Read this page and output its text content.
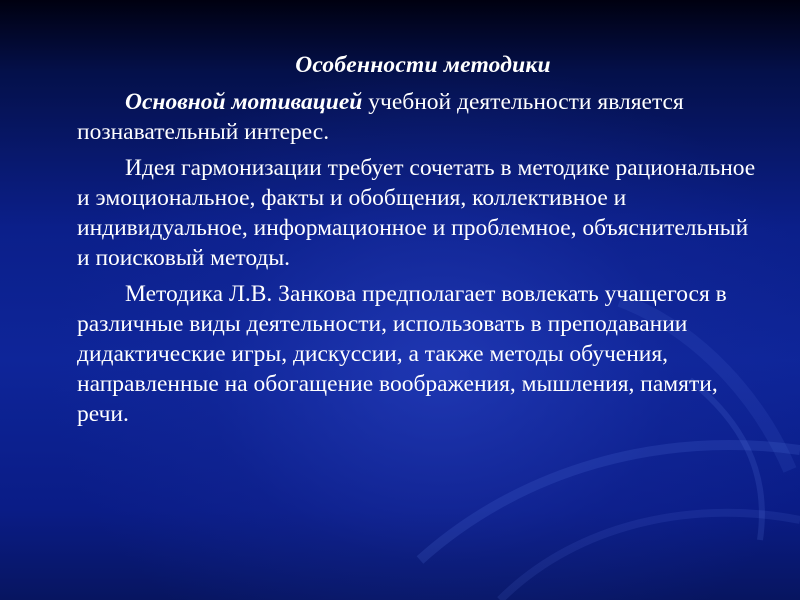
Особенности методики

Основной мотивацией учебной деятельности является познавательный интерес.

Идея гармонизации требует сочетать в методике рациональное и эмоциональное, факты и обобщения, коллективное и индивидуальное, информационное и проблемное, объяснительный и поисковый методы.

Методика Л.В. Занкова предполагает вовлекать учащегося в различные виды деятельности, использовать в преподавании дидактические игры, дискуссии, а также методы обучения, направленные на обогащение воображения, мышления, памяти, речи.
